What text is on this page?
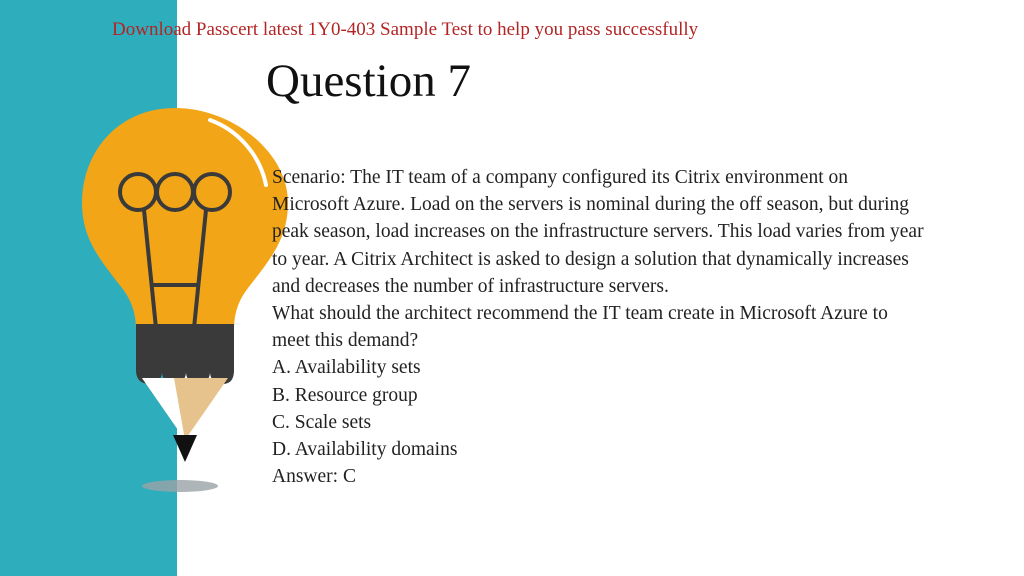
Download Passcert latest 1Y0-403 Sample Test to help you pass successfully
Question 7

Scenario: The IT team of a company configured its Citrix environment on

Microsoft Azure. Load on the servers is nominal during the off season, but during

peak season, load increases on the infrastructure servers. This load varies from year

to year. A Citrix Architect is asked to design a solution that dynamically increases

and decreases the number of infrastructure servers.

What should the architect recommend the IT team create in Microsoft Azure to

meet this demand?

A. Availability sets

B. Resource group

C. Scale sets

D. Availability domains

Answer: C
